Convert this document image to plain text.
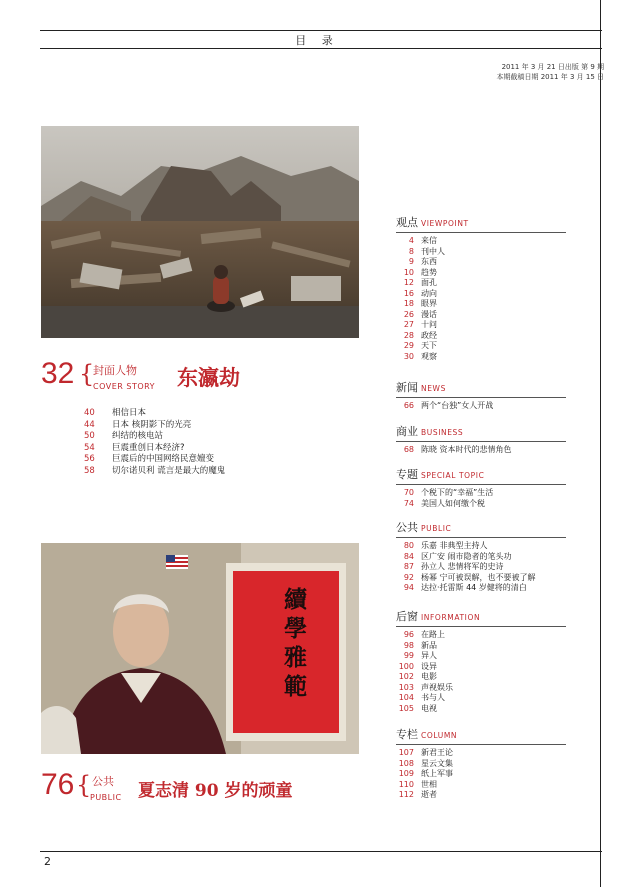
目 录
2011 年 3 月 21 日出版 第 9 期
本期截稿日期 2011 年 3 月 15 日
32 {
封面人物
COVER STORY 东瀛劫
40 相信日本
44 日本 核阴影下的光亮
50 纠结的核电站
54 巨震重创日本经济?
56 巨震后的中国网络民意嬗变
58 切尔诺贝利 谎言是最大的魔鬼
續學雅範
76 { 公共
PUBLIC 夏志清 90 岁的顽童
观点 VIEWPOINT
4 来信
8 刊中人
9 东西
10 趋势
12 面孔
16 动向
18 眼界
26 漫话
27 十问
28 政经
29 天下
30 观察
新闻 NEWS
66 两个“台独”女人开战
商业 BUSINESS
68 陈晓 资本时代的悲情角色
专题 SPECIAL TOPIC
70 个税下的“幸福”生活
74 美国人如何缴个税
公共 PUBLIC
80 乐嘉 非典型主持人
84 区广安 闹市隐者的笔头功
87 孙立人 悲情将军的史诗
92 杨幂 宁可被误解，也不要被了解
94 达拉·托雷斯 44 岁健将的清白
后窗 INFORMATION
96 在路上
98 新品
99 异人
100 设异
102 电影
103 声视娱乐
104 书与人
105 电视
专栏 COLUMN
107 新君王论
108 星云文集
109 纸上军事
110 世相
112 逝者
2
